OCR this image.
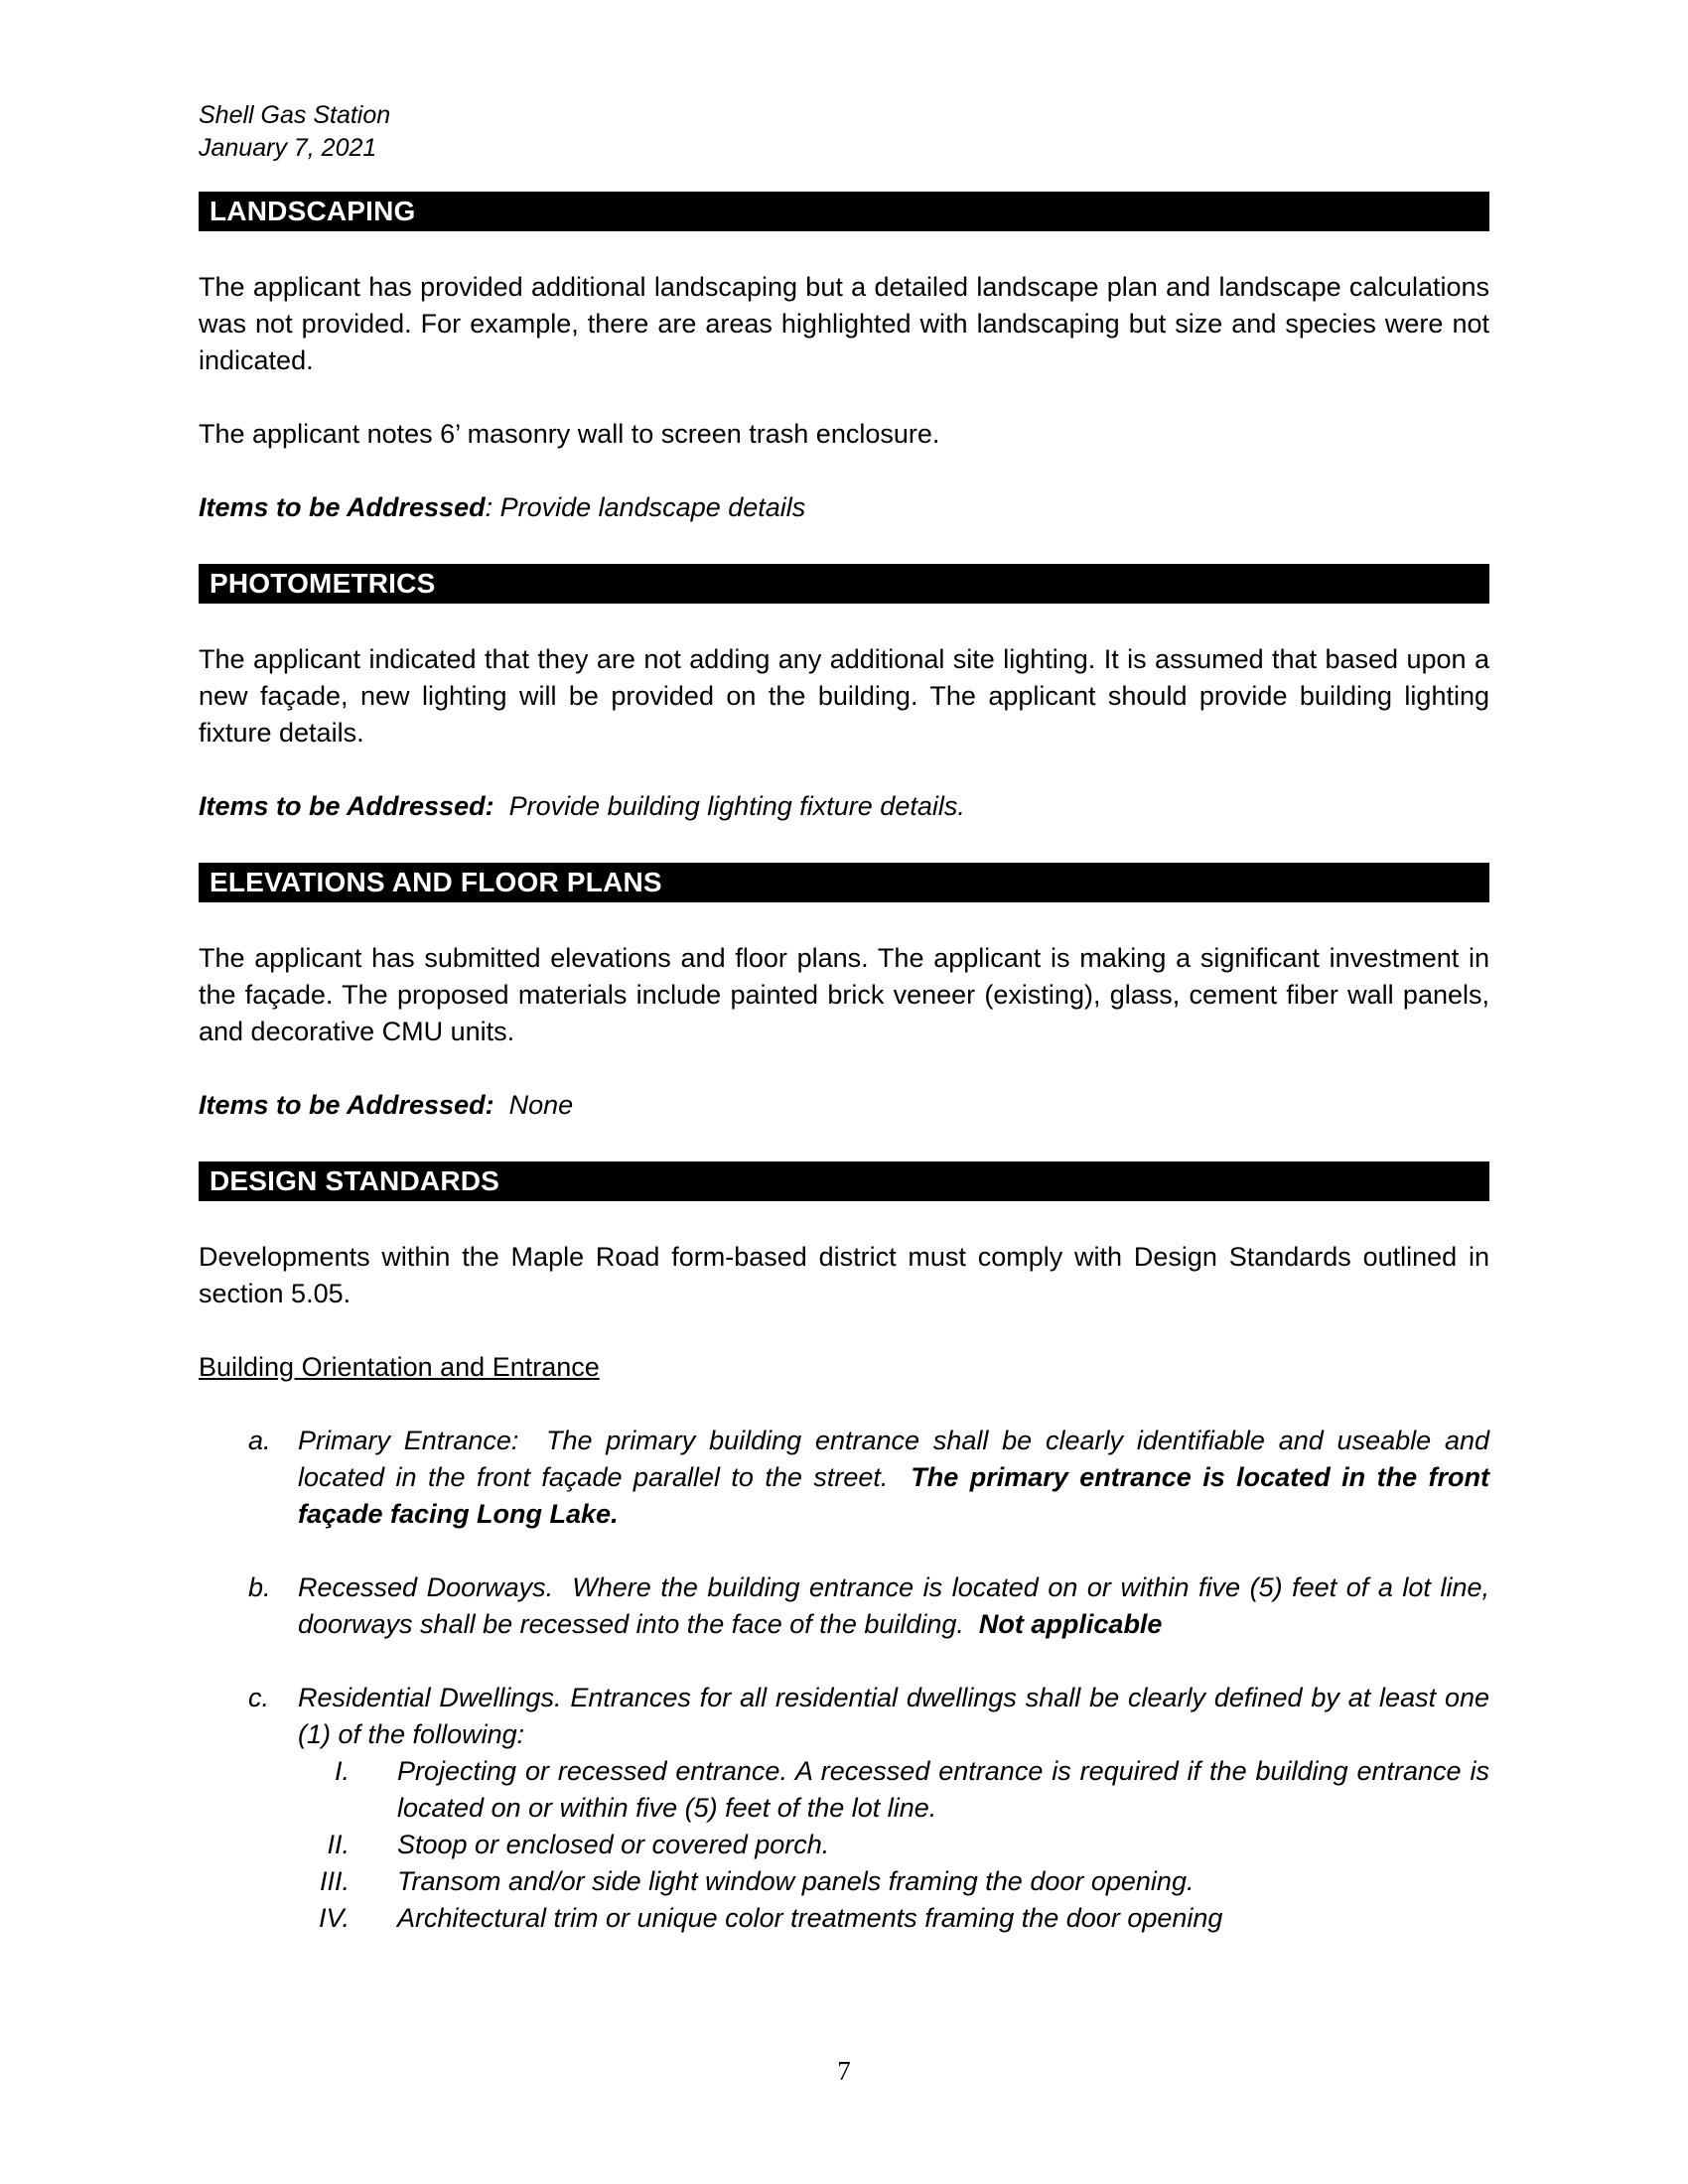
Shell Gas Station
January 7, 2021
LANDSCAPING

The applicant has provided additional landscaping but a detailed landscape plan and landscape calculations was not provided. For example, there are areas highlighted with landscaping but size and species were not indicated.

The applicant notes 6’ masonry wall to screen trash enclosure.

Items to be Addressed: Provide landscape details
PHOTOMETRICS

The applicant indicated that they are not adding any additional site lighting. It is assumed that based upon a new façade, new lighting will be provided on the building. The applicant should provide building lighting fixture details.

Items to be Addressed:  Provide building lighting fixture details.
ELEVATIONS AND FLOOR PLANS

The applicant has submitted elevations and floor plans. The applicant is making a significant investment in the façade. The proposed materials include painted brick veneer (existing), glass, cement fiber wall panels, and decorative CMU units.

Items to be Addressed:  None
DESIGN STANDARDS

Developments within the Maple Road form-based district must comply with Design Standards outlined in section 5.05.

Building Orientation and Entrance
a. Primary Entrance:  The primary building entrance shall be clearly identifiable and useable and located in the front façade parallel to the street.  The primary entrance is located in the front façade facing Long Lake.
b. Recessed Doorways.  Where the building entrance is located on or within five (5) feet of a lot line, doorways shall be recessed into the face of the building.  Not applicable
c. Residential Dwellings. Entrances for all residential dwellings shall be clearly defined by at least one (1) of the following:
I. Projecting or recessed entrance. A recessed entrance is required if the building entrance is located on or within five (5) feet of the lot line.
II. Stoop or enclosed or covered porch.
III. Transom and/or side light window panels framing the door opening.
IV. Architectural trim or unique color treatments framing the door opening
7
